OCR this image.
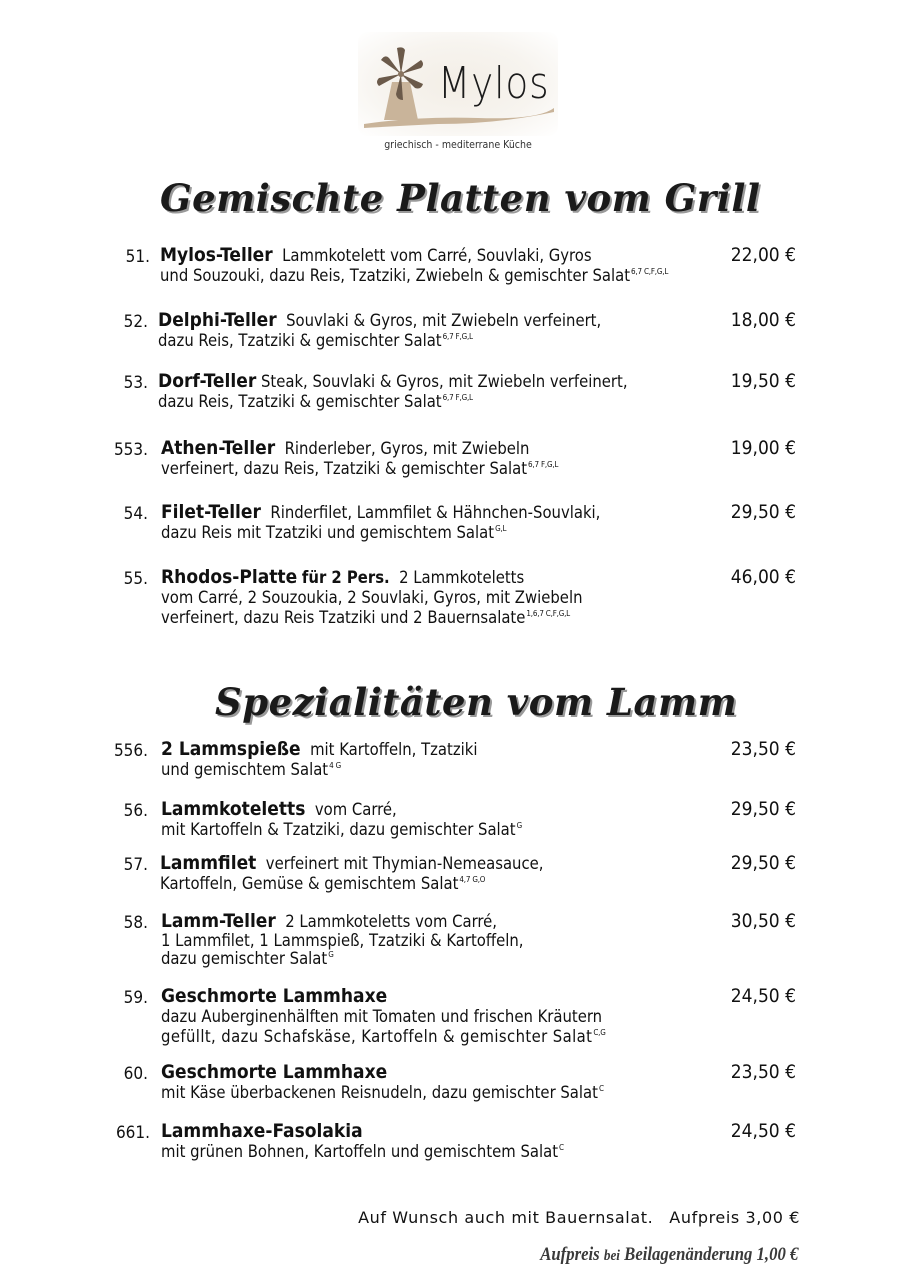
Mylos
griechisch - mediterrane Küche
Gemischte Platten vom Grill
51. Mylos-Teller Lammkotelett vom Carré, Souvlaki, Gyros
und Souzouki, dazu Reis, Tzatziki, Zwiebeln & gemischter Salat$^{6,7 C,F,G,L}$
22,00 €
52. Delphi-Teller Souvlaki & Gyros, mit Zwiebeln verfeinert,
dazu Reis, Tzatziki & gemischter Salat$^{6,7 F,G,L}$
18,00 €
53. Dorf-Teller Steak, Souvlaki & Gyros, mit Zwiebeln verfeinert,
dazu Reis, Tzatziki & gemischter Salat$^{6,7 F,G,L}$
19,50 €
553. Athen-Teller Rinderleber, Gyros, mit Zwiebeln
verfeinert, dazu Reis, Tzatziki & gemischter Salat$^{6,7 F,G,L}$
19,00 €
54. Filet-Teller Rinderfilet, Lammfilet & Hähnchen-Souvlaki,
dazu Reis mit Tzatziki und gemischtem Salat$^{G,L}$
29,50 €
55. Rhodos-Platte für 2 Pers. 2 Lammkoteletts
vom Carré, 2 Souzoukia, 2 Souvlaki, Gyros, mit Zwiebeln
verfeinert, dazu Reis Tzatziki und 2 Bauernsalate$^{1,6,7 C,F,G,L}$
46,00 €
Spezialitäten vom Lamm
556. 2 Lammspieße mit Kartoffeln, Tzatziki
und gemischtem Salat$^{4 G}$
23,50 €
56. Lammkoteletts vom Carré,
mit Kartoffeln & Tzatziki, dazu gemischter Salat$^G$
29,50 €
57. Lammfilet verfeinert mit Thymian-Nemeasauce,
Kartoffeln, Gemüse & gemischtem Salat$^{4,7 G,O}$
29,50 €
58. Lamm-Teller 2 Lammkoteletts vom Carré,
1 Lammfilet, 1 Lammspieß, Tzatziki & Kartoffeln,
dazu gemischter Salat$^G$
30,50 €
59. Geschmorte Lammhaxe
dazu Auberginenhälften mit Tomaten und frischen Kräutern
gefüllt, dazu Schafskäse, Kartoffeln & gemischter Salat$^{C,G}$
24,50 €
60. Geschmorte Lammhaxe
mit Käse überbackenen Reisnudeln, dazu gemischter Salat$^C$
23,50 €
661. Lammhaxe-Fasolakia
mit grünen Bohnen, Kartoffeln und gemischtem Salat$^C$
24,50 €
Auf Wunsch auch mit Bauernsalat. Aufpreis 3,00 €
Aufpreis bei Beilagenänderung 1,00 €
